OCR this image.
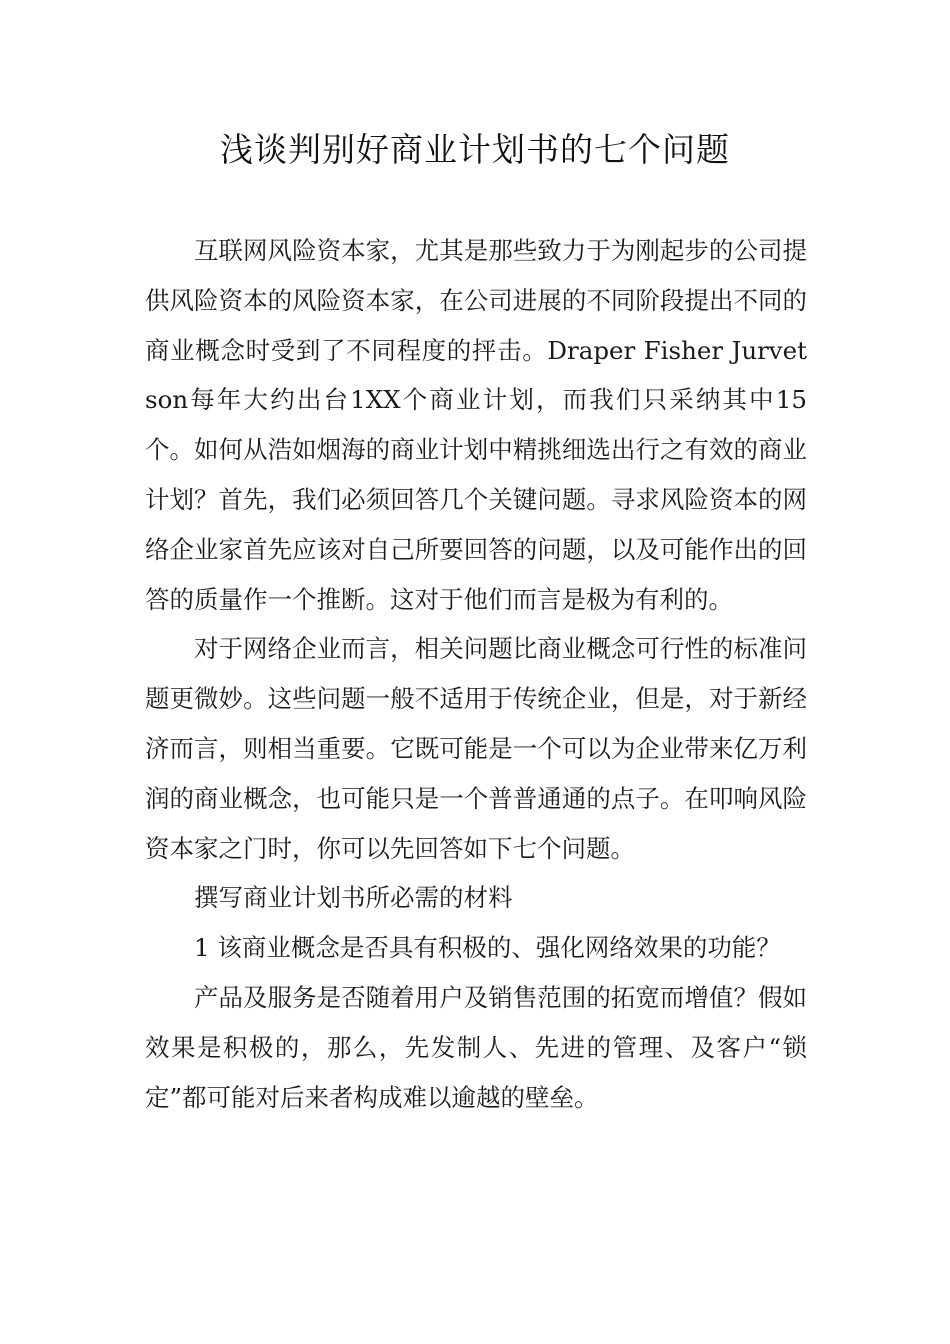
浅谈判别好商业计划书的七个问题

互联网风险资本家，尤其是那些致力于为刚起步的公司提供风险资本的风险资本家，在公司进展的不同阶段提出不同的商业概念时受到了不同程度的抨击。Draper Fisher Jurvetson每年大约出台1XX个商业计划，而我们只采纳其中15个。如何从浩如烟海的商业计划中精挑细选出行之有效的商业计划？首先，我们必须回答几个关键问题。寻求风险资本的网络企业家首先应该对自己所要回答的问题，以及可能作出的回答的质量作一个推断。这对于他们而言是极为有利的。

对于网络企业而言，相关问题比商业概念可行性的标准问题更微妙。这些问题一般不适用于传统企业，但是，对于新经济而言，则相当重要。它既可能是一个可以为企业带来亿万利润的商业概念，也可能只是一个普普通通的点子。在叩响风险资本家之门时，你可以先回答如下七个问题。

撰写商业计划书所必需的材料

1 该商业概念是否具有积极的、强化网络效果的功能？

产品及服务是否随着用户及销售范围的拓宽而增值？假如效果是积极的，那么，先发制人、先进的管理、及客户“锁定”都可能对后来者构成难以逾越的壁垒。
